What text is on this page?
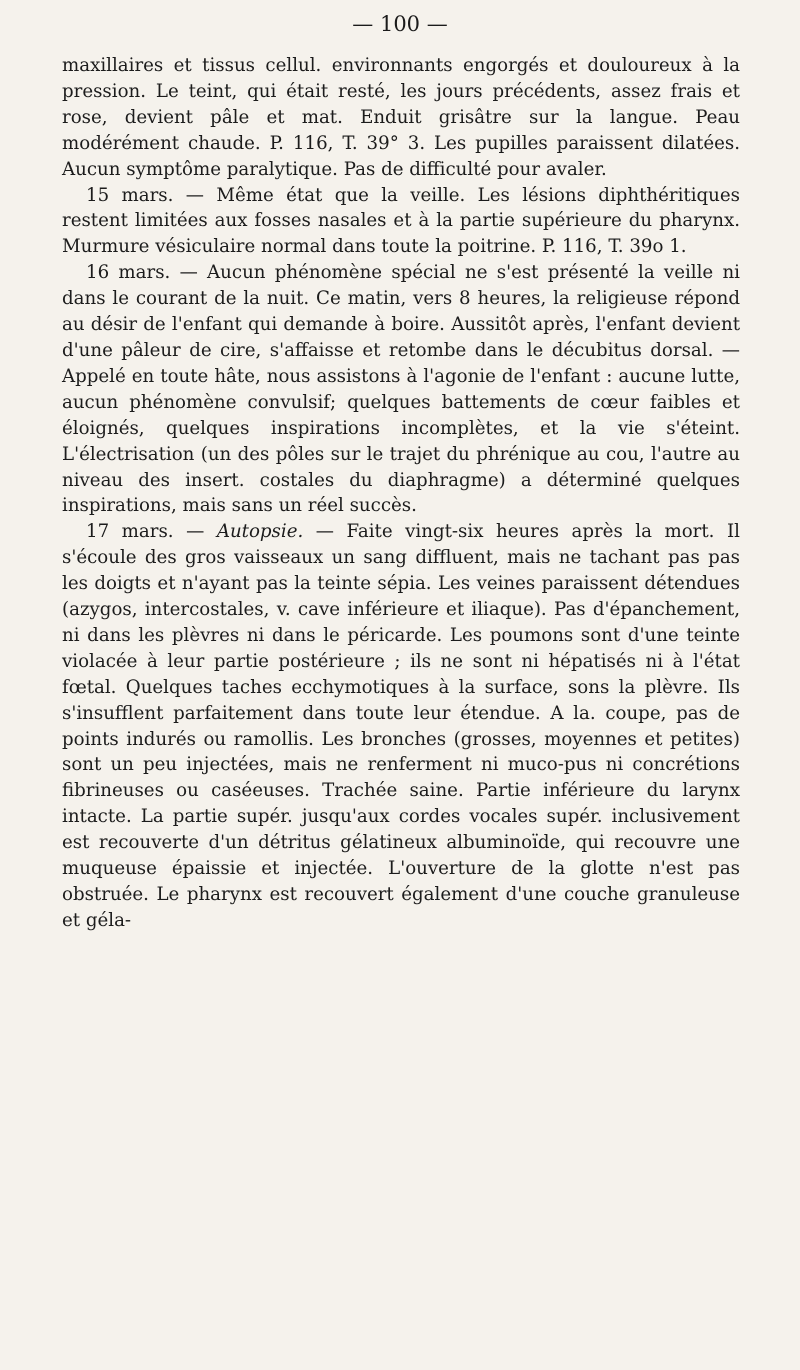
— 100 —

maxillaires et tissus cellul. environnants engorgés et douloureux à la pression. Le teint, qui était resté, les jours précédents, assez frais et rose, devient pâle et mat. Enduit grisâtre sur la langue. Peau modérément chaude. P. 116, T. 39° 3. Les pupilles paraissent dilatées. Aucun symptôme paralytique. Pas de difficulté pour avaler.

15 mars. — Même état que la veille. Les lésions diphthéritiques restent limitées aux fosses nasales et à la partie supérieure du pharynx. Murmure vésiculaire normal dans toute la poitrine. P. 116, T. 39o 1.

16 mars. — Aucun phénomène spécial ne s'est présenté la veille ni dans le courant de la nuit. Ce matin, vers 8 heures, la religieuse répond au désir de l'enfant qui demande à boire. Aussitôt après, l'enfant devient d'une pâleur de cire, s'affaisse et retombe dans le décubitus dorsal. — Appelé en toute hâte, nous assistons à l'agonie de l'enfant : aucune lutte, aucun phénomène convulsif; quelques battements de cœur faibles et éloignés, quelques inspirations incomplètes, et la vie s'éteint. L'électrisation (un des pôles sur le trajet du phrénique au cou, l'autre au niveau des insert. costales du diaphragme) a déterminé quelques inspirations, mais sans un réel succès.

17 mars. — Autopsie. — Faite vingt-six heures après la mort. Il s'écoule des gros vaisseaux un sang diffluent, mais ne tachant pas pas les doigts et n'ayant pas la teinte sépia. Les veines paraissent détendues (azygos, intercostales, v. cave inférieure et iliaque). Pas d'épanchement, ni dans les plèvres ni dans le péricarde. Les poumons sont d'une teinte violacée à leur partie postérieure ; ils ne sont ni hépatisés ni à l'état fœtal. Quelques taches ecchymotiques à la surface, sons la plèvre. Ils s'insufflent parfaitement dans toute leur étendue. A la. coupe, pas de points indurés ou ramollis. Les bronches (grosses, moyennes et petites) sont un peu injectées, mais ne renferment ni muco-pus ni concrétions fibrineuses ou caséeuses. Trachée saine. Partie inférieure du larynx intacte. La partie supér. jusqu'aux cordes vocales supér. inclusivement est recouverte d'un détritus gélatineux albuminoïde, qui recouvre une muqueuse épaissie et injectée. L'ouverture de la glotte n'est pas obstruée. Le pharynx est recouvert également d'une couche granuleuse et géla-
